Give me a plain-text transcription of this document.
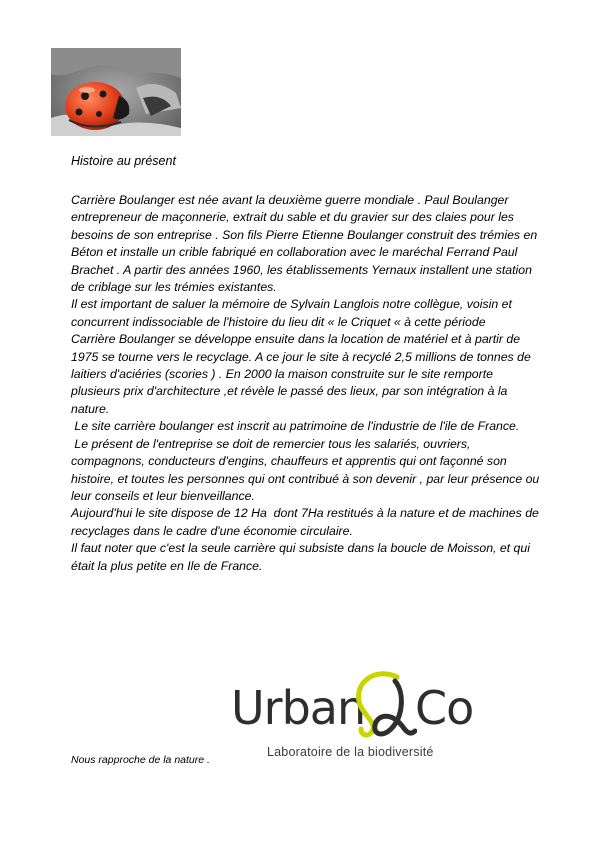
Histoire au présent

Carrière Boulanger est née avant la deuxième guerre mondiale . Paul Boulanger entrepreneur de maçonnerie, extrait du sable et du gravier sur des claies pour les besoins de son entreprise . Son fils Pierre Etienne Boulanger construit des trémies en Béton et installe un crible fabriqué en collaboration avec le maréchal Ferrand Paul Brachet . A partir des années 1960, les établissements Yernaux installent une station de criblage sur les trémies existantes.

Il est important de saluer la mémoire de Sylvain Langlois notre collègue, voisin et concurrent indissociable de l'histoire du lieu dit « le Criquet « à cette période

Carrière Boulanger se développe ensuite dans la location de matériel et à partir de 1975 se tourne vers le recyclage. A ce jour le site à recyclé 2,5 millions de tonnes de laitiers d'aciéries (scories ) . En 2000 la maison construite sur le site remporte plusieurs prix d'architecture ,et révèle le passé des lieux, par son intégration à la nature.

Le site carrière boulanger est inscrit au patrimoine de l'industrie de l'ile de France.

Le présent de l'entreprise se doit de remercier tous les salariés, ouvriers, compagnons, conducteurs d'engins, chauffeurs et apprentis qui ont façonné son histoire, et toutes les personnes qui ont contribué à son devenir , par leur présence ou leur conseils et leur bienveillance.

Aujourd'hui le site dispose de 12 Ha  dont 7Ha restitués à la nature et de machines de recyclages dans le cadre d'une économie circulaire.

Il faut noter que c'est la seule carrière qui subsiste dans la boucle de Moisson, et qui était la plus petite en Ile de France.

Urban Co
Laboratoire de la biodiversité
Nous rapproche de la nature .
